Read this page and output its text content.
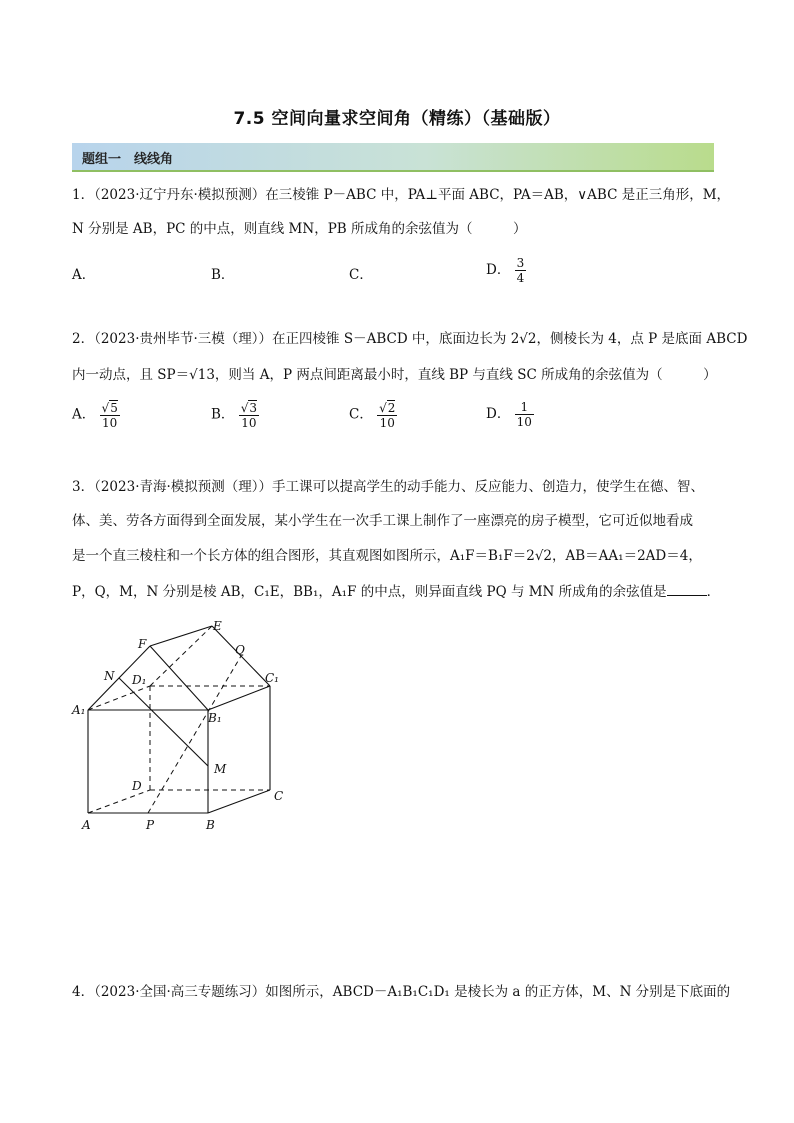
7.5 空间向量求空间角（精练）（基础版）
题组一　线线角
1．（2023·辽宁丹东·模拟预测）在三棱锥 P－ABC 中，PA⊥平面 ABC，PA＝AB，∨ABC 是正三角形，M，
N 分别是 AB，PC 的中点，则直线 MN，PB 所成角的余弦值为（　　　）
A．	B．	C．	D． $\frac{3}{4}$
2．（2023·贵州毕节·三模（理））在正四棱锥 S－ABCD 中，底面边长为 2√2，侧棱长为 4，点 P 是底面 ABCD
内一动点，且 SP＝√13，则当 A，P 两点间距离最小时，直线 BP 与直线 SC 所成角的余弦值为（　　　）
A． $\frac{√5}{10}$	B． $\frac{√3}{10}$	C． $\frac{√2}{10}$	D． $\frac{1}{10}$
3．（2023·青海·模拟预测（理））手工课可以提高学生的动手能力、反应能力、创造力，使学生在德、智、
体、美、劳各方面得到全面发展，某小学生在一次手工课上制作了一座漂亮的房子模型，它可近似地看成
是一个直三棱柱和一个长方体的组合图形，其直观图如图所示，A₁F＝B₁F＝2√2，AB＝AA₁＝2AD＝4，
P，Q，M，N 分别是棱 AB，C₁E，BB₁，A₁F 的中点，则异面直线 PQ 与 MN 所成角的余弦值是	．
E
F	Q
N D₁	C₁
A₁
B₁
M
D
C
A	P	B
4．（2023·全国·高三专题练习）如图所示，ABCD－A₁B₁C₁D₁ 是棱长为 a 的正方体，M、N 分别是下底面的
